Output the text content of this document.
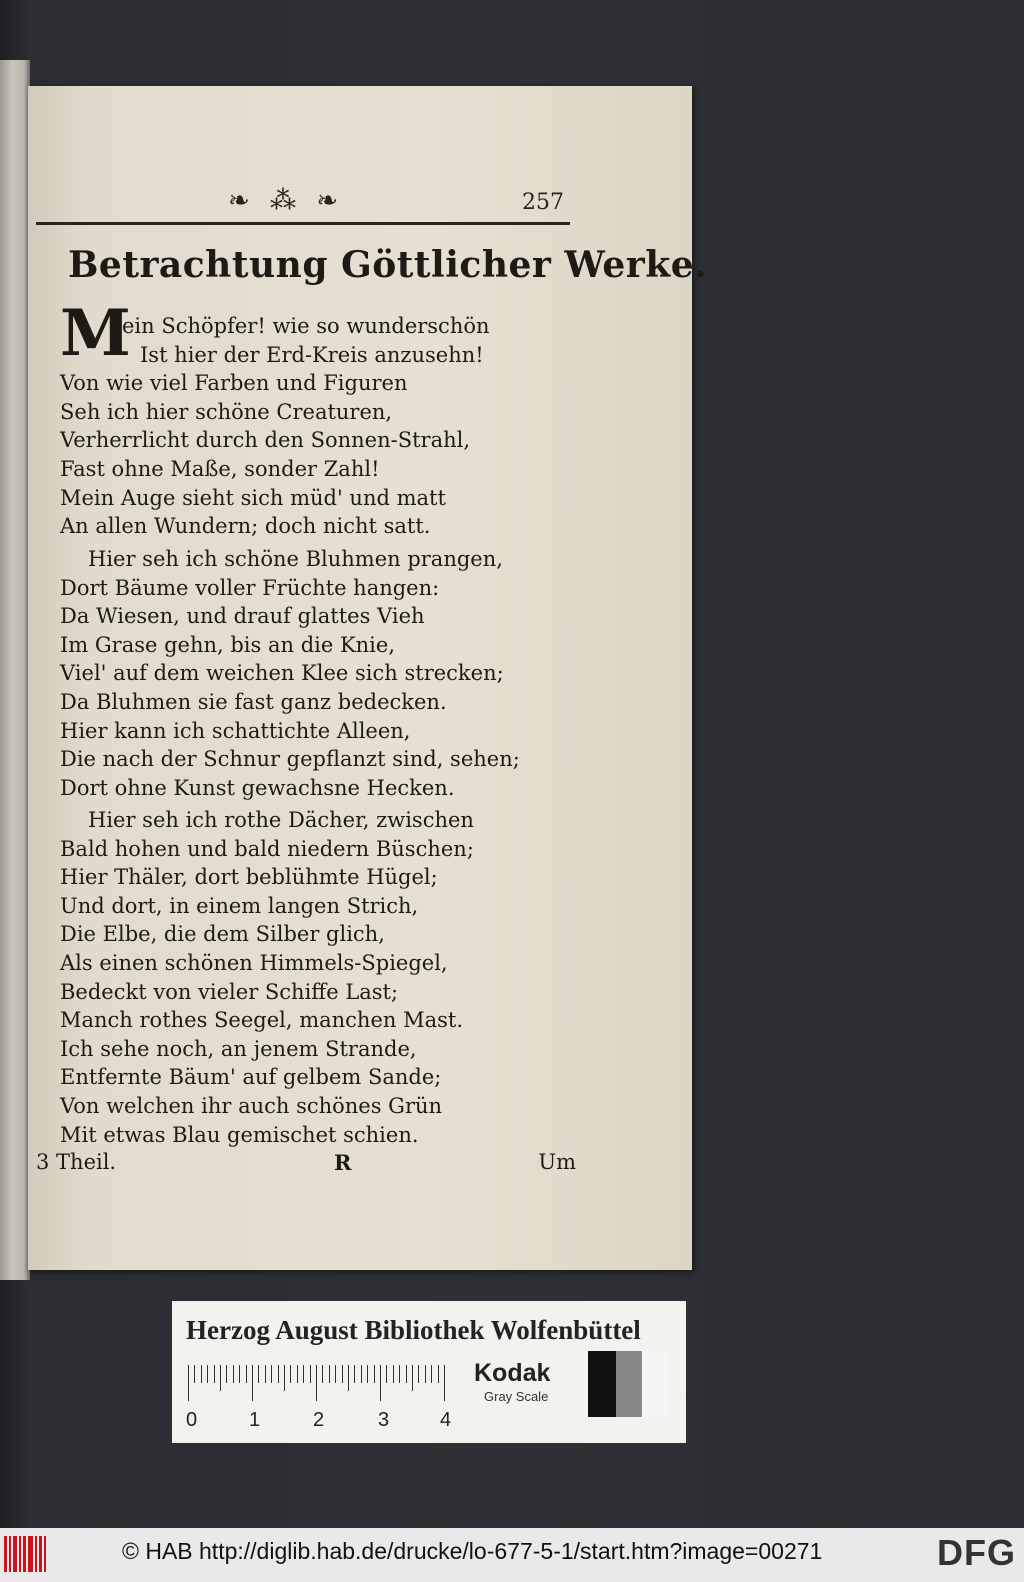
❧ ⁂ ❧	257
Betrachtung Göttlicher Werke.
M
ein Schöpfer! wie so wunderschön
Ist hier der Erd-Kreis anzusehn!
Von wie viel Farben und Figuren
Seh ich hier schöne Creaturen,
Verherrlicht durch den Sonnen-Strahl,
Fast ohne Maße, sonder Zahl!
Mein Auge sieht sich müd' und matt
An allen Wundern; doch nicht satt.
Hier seh ich schöne Bluhmen prangen,
Dort Bäume voller Früchte hangen:
Da Wiesen, und drauf glattes Vieh
Im Grase gehn, bis an die Knie,
Viel' auf dem weichen Klee sich strecken;
Da Bluhmen sie fast ganz bedecken.
Hier kann ich schattichte Alleen,
Die nach der Schnur gepflanzt sind, sehen;
Dort ohne Kunst gewachsne Hecken.
Hier seh ich rothe Dächer, zwischen
Bald hohen und bald niedern Büschen;
Hier Thäler, dort beblühmte Hügel;
Und dort, in einem langen Strich,
Die Elbe, die dem Silber glich,
Als einen schönen Himmels-Spiegel,
Bedeckt von vieler Schiffe Last;
Manch rothes Seegel, manchen Mast.
Ich sehe noch, an jenem Strande,
Entfernte Bäum' auf gelbem Sande;
Von welchen ihr auch schönes Grün
Mit etwas Blau gemischet schien.
3 Theil.	R	Um
Herzog August Bibliothek Wolfenbüttel
0	1	2	3	4
Kodak
Gray Scale
© HAB http://diglib.hab.de/drucke/lo-677-5-1/start.htm?image=00271	DFG
